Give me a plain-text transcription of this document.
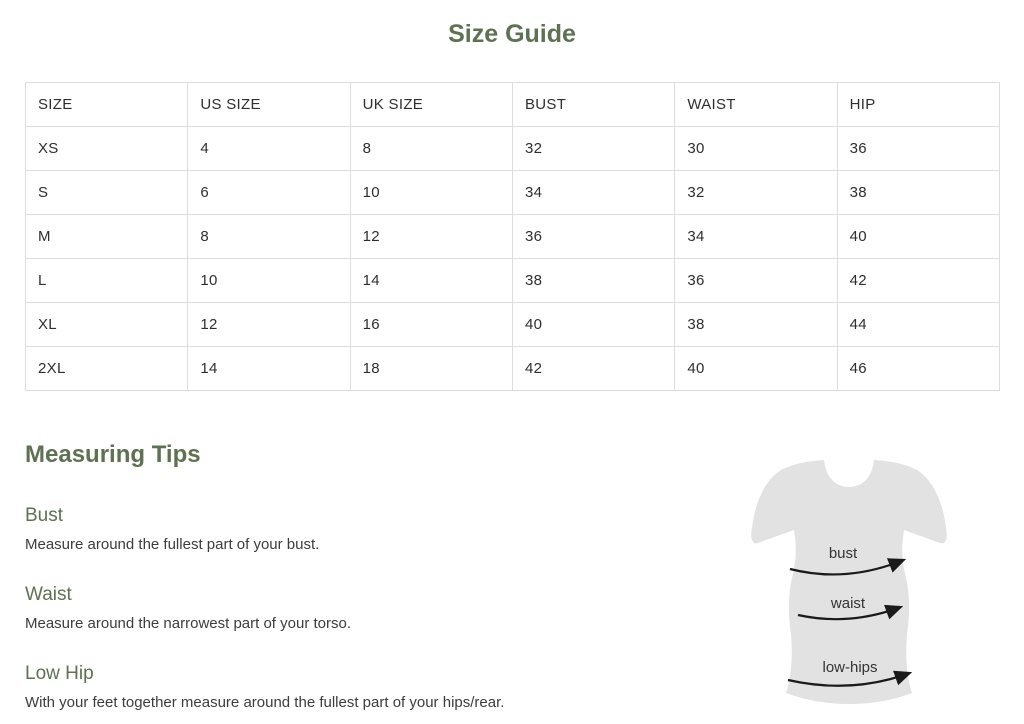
Size Guide
SIZE	US SIZE	UK SIZE	BUST	WAIST	HIP
XS	4	8	32	30	36
S	6	10	34	32	38
M	8	12	36	34	40
L	10	14	38	36	42
XL	12	16	40	38	44
2XL	14	18	42	40	46
Measuring Tips
Bust

Measure around the fullest part of your bust.

Waist

Measure around the narrowest part of your torso.

Low Hip

With your feet together measure around the fullest part of your hips/rear.

bust
waist
low-hips
